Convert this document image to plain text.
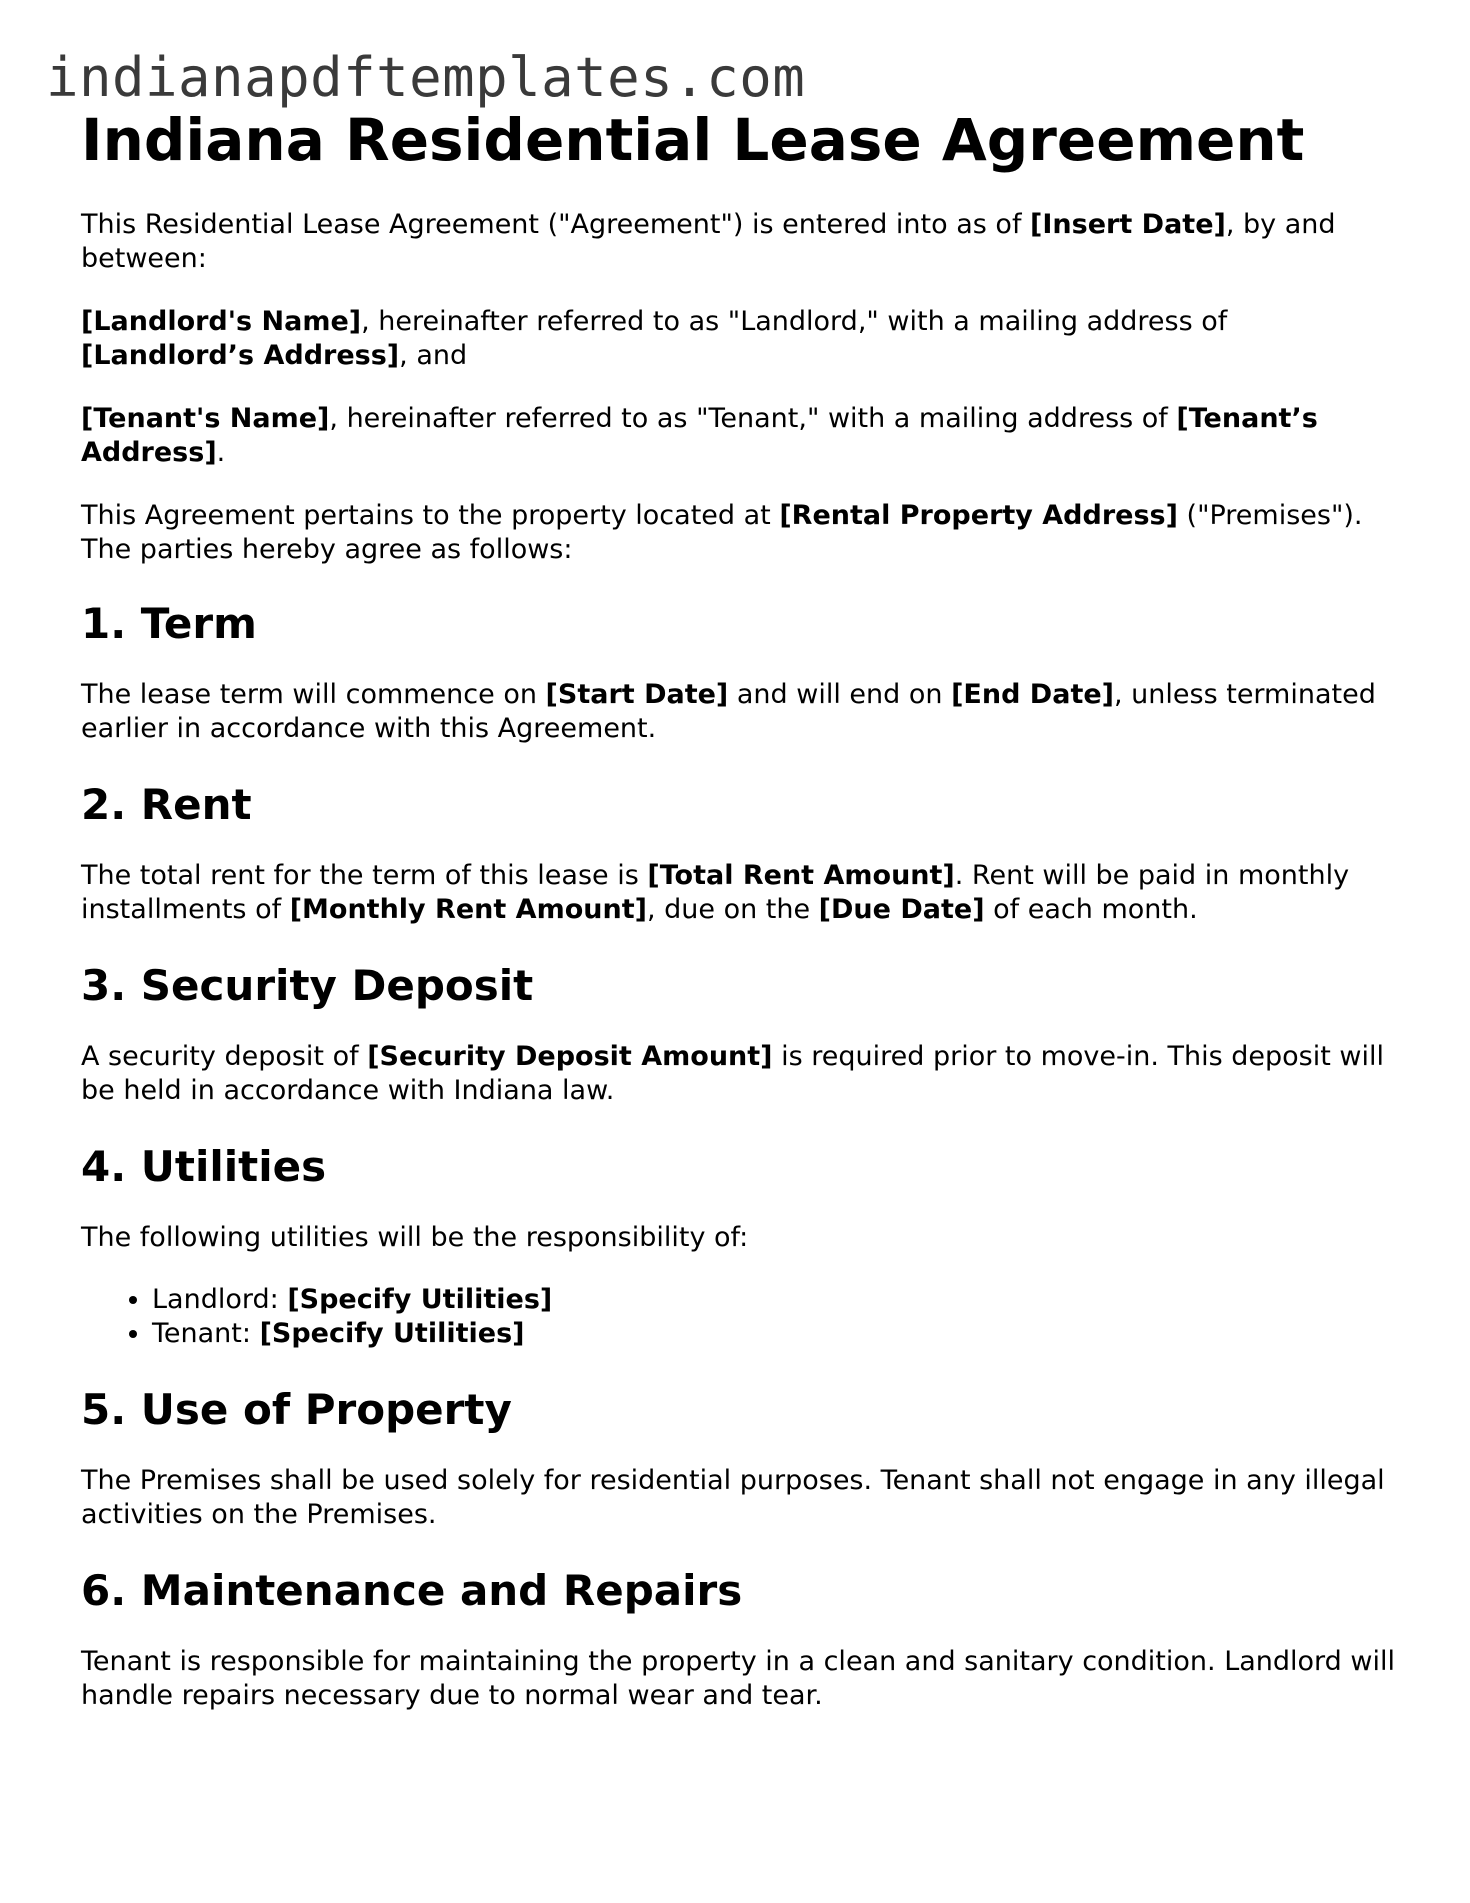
indianapdftemplates.com
Indiana Residential Lease Agreement

This Residential Lease Agreement ("Agreement") is entered into as of [Insert Date], by and between:

[Landlord's Name], hereinafter referred to as "Landlord," with a mailing address of [Landlord’s Address], and

[Tenant's Name], hereinafter referred to as "Tenant," with a mailing address of [Tenant’s Address].

This Agreement pertains to the property located at [Rental Property Address] ("Premises"). The parties hereby agree as follows:

1. Term

The lease term will commence on [Start Date] and will end on [End Date], unless terminated earlier in accordance with this Agreement.

2. Rent

The total rent for the term of this lease is [Total Rent Amount]. Rent will be paid in monthly installments of [Monthly Rent Amount], due on the [Due Date] of each month.

3. Security Deposit

A security deposit of [Security Deposit Amount] is required prior to move-in. This deposit will be held in accordance with Indiana law.

4. Utilities

The following utilities will be the responsibility of:

• Landlord: [Specify Utilities]
• Tenant: [Specify Utilities]
5. Use of Property

The Premises shall be used solely for residential purposes. Tenant shall not engage in any illegal activities on the Premises.

6. Maintenance and Repairs

Tenant is responsible for maintaining the property in a clean and sanitary condition. Landlord will handle repairs necessary due to normal wear and tear.
